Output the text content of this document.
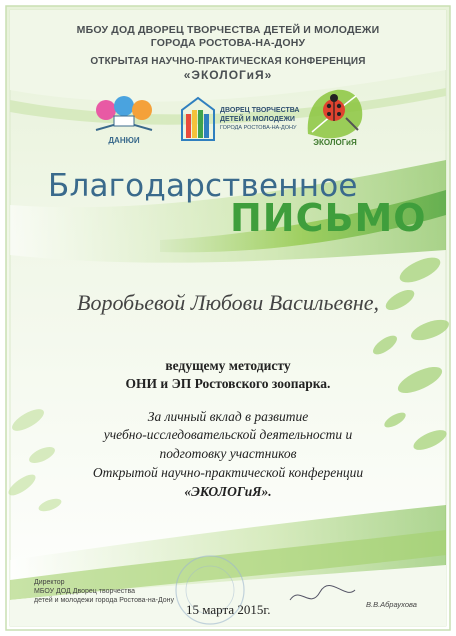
МБОУ ДОД ДВОРЕЦ ТВОРЧЕСТВА ДЕТЕЙ И МОЛОДЕЖИ
ГОРОДА РОСТОВА-НА-ДОНУ
ОТКРЫТАЯ НАУЧНО-ПРАКТИЧЕСКАЯ КОНФЕРЕНЦИЯ
«ЭКОЛОГиЯ»
ДАНЮИ
ДВОРЕЦ ТВОРЧЕСТВА
ДЕТЕЙ И МОЛОДЕЖИ
ГОРОДА РОСТОВА-НА-ДОНУ
ЭКОЛОГиЯ
Благодарственное
ПИСЬМО
Воробьевой Любови Васильевне,
ведущему методисту
ОНИ и ЭП Ростовского зоопарка.
За личный вклад в развитие
учебно-исследовательской деятельности и
подготовку участников
Открытой научно-практической конференции
«ЭКОЛОГиЯ».
Директор
МБОУ ДОД Дворец творчества
детей и молодежи города Ростова-на-Дону
15 марта 2015г.	В.В.Абраухова
